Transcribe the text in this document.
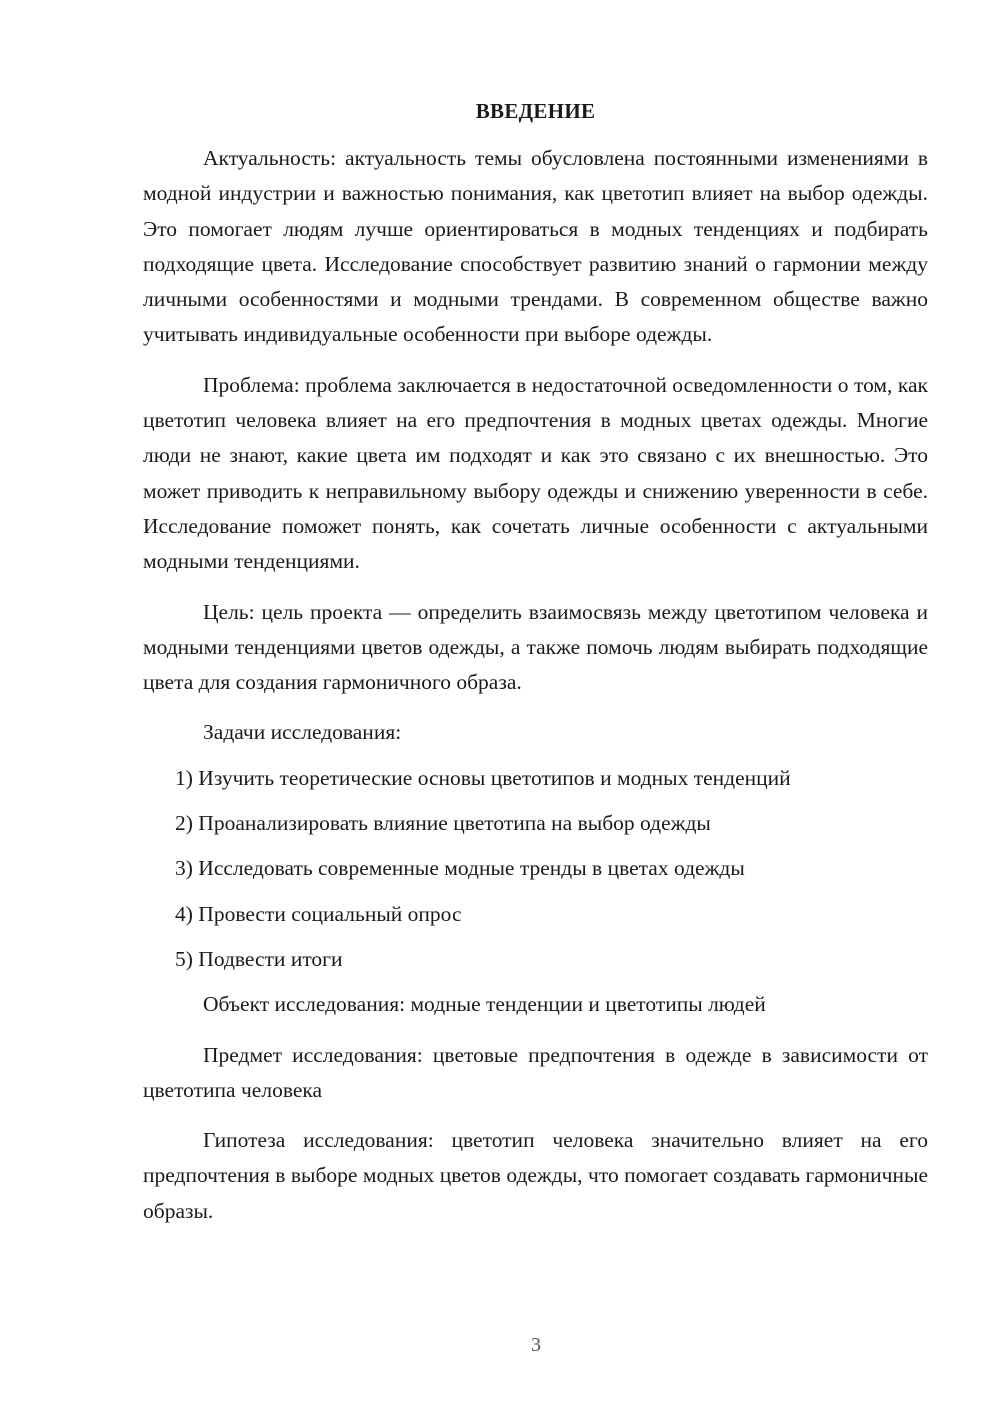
ВВЕДЕНИЕ

Актуальность: актуальность темы обусловлена постоянными изменениями в модной индустрии и важностью понимания, как цветотип влияет на выбор одежды. Это помогает людям лучше ориентироваться в модных тенденциях и подбирать подходящие цвета. Исследование способствует развитию знаний о гармонии между личными особенностями и модными трендами. В современном обществе важно учитывать индивидуальные особенности при выборе одежды.

Проблема: проблема заключается в недостаточной осведомленности о том, как цветотип человека влияет на его предпочтения в модных цветах одежды. Многие люди не знают, какие цвета им подходят и как это связано с их внешностью. Это может приводить к неправильному выбору одежды и снижению уверенности в себе. Исследование поможет понять, как сочетать личные особенности с актуальными модными тенденциями.

Цель: цель проекта — определить взаимосвязь между цветотипом человека и модными тенденциями цветов одежды, а также помочь людям выбирать подходящие цвета для создания гармоничного образа.

Задачи исследования:
1) Изучить теоретические основы цветотипов и модных тенденций
2) Проанализировать влияние цветотипа на выбор одежды
3) Исследовать современные модные тренды в цветах одежды
4) Провести социальный опрос
5) Подвести итоги

Объект исследования: модные тенденции и цветотипы людей

Предмет исследования: цветовые предпочтения в одежде в зависимости от цветотипа человека

Гипотеза исследования: цветотип человека значительно влияет на его предпочтения в выборе модных цветов одежды, что помогает создавать гармоничные образы.

3
